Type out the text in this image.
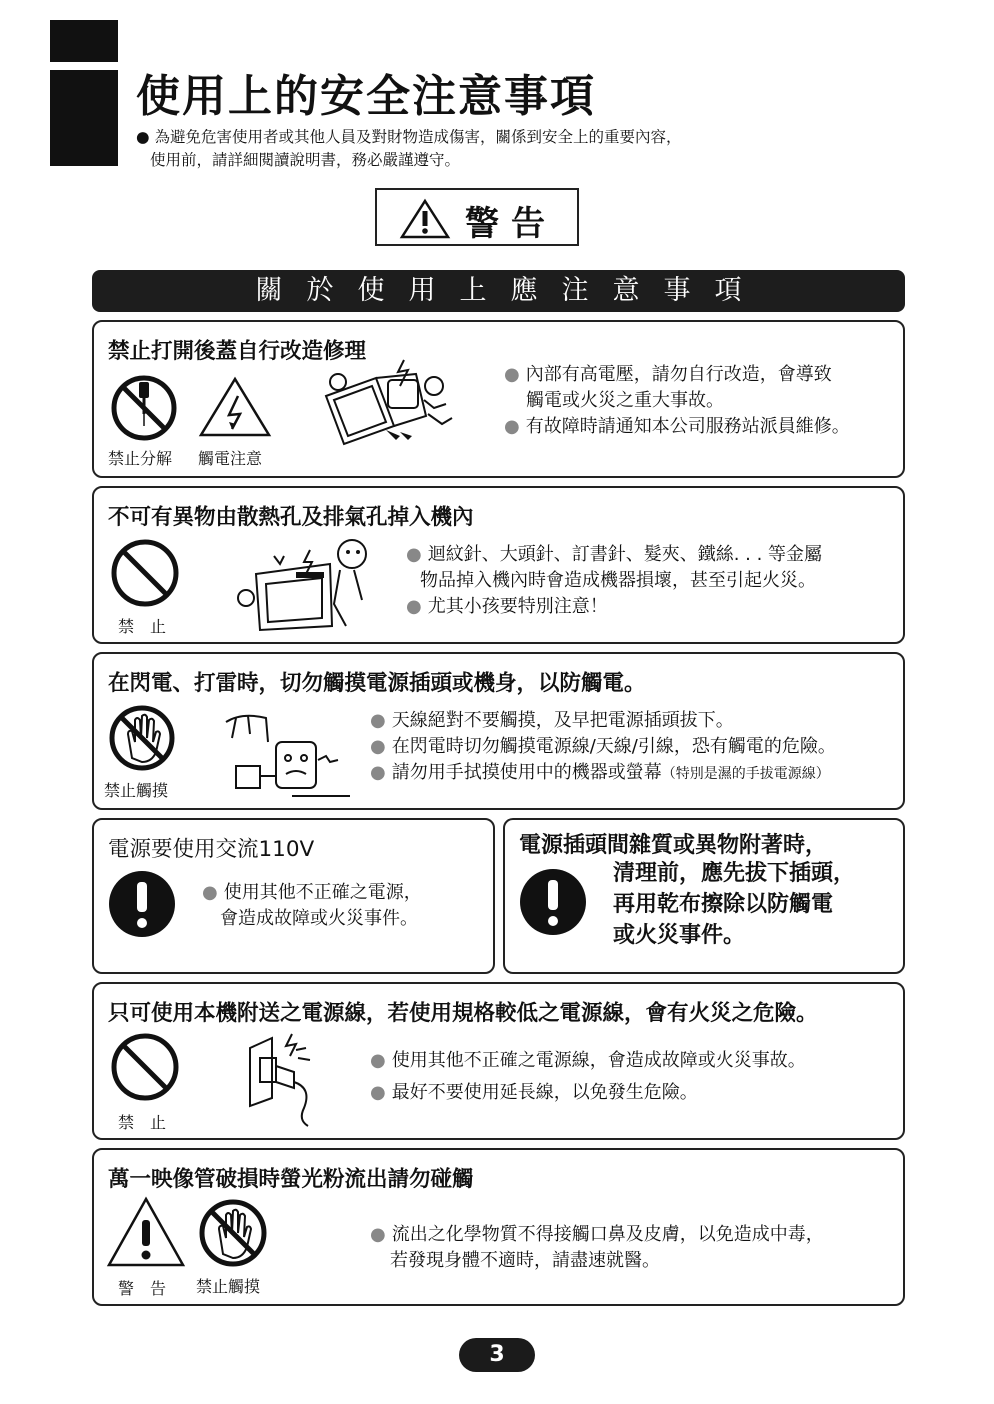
使用上的安全注意事項
● 為避免危害使用者或其他人員及對財物造成傷害，關係到安全上的重要內容，
使用前，請詳細閱讀說明書，務必嚴謹遵守。
警告
關於使用上應注意事項
禁止打開後蓋自行改造修理
禁止分解 觸電注意
● 內部有高電壓，請勿自行改造，會導致
觸電或火災之重大事故。
● 有故障時請通知本公司服務站派員維修。
不可有異物由散熱孔及排氣孔掉入機內
禁　止
● 迴紋針、大頭針、訂書針、髮夾、鐵絲. . . 等金屬
物品掉入機內時會造成機器損壞，甚至引起火災。
● 尤其小孩要特別注意！
在閃電、打雷時，切勿觸摸電源插頭或機身，以防觸電。
禁止觸摸
● 天線絕對不要觸摸，及早把電源插頭拔下。
● 在閃電時切勿觸摸電源線/天線/引線，恐有觸電的危險。
● 請勿用手拭摸使用中的機器或螢幕（特別是濕的手拔電源線）
電源要使用交流110V
● 使用其他不正確之電源，
會造成故障或火災事件。
電源插頭間雜質或異物附著時，
清理前，應先拔下插頭，
再用乾布擦除以防觸電
或火災事件。
只可使用本機附送之電源線，若使用規格較低之電源線，會有火災之危險。
禁　止
● 使用其他不正確之電源線，會造成故障或火災事故。
● 最好不要使用延長線，以免發生危險。
萬一映像管破損時螢光粉流出請勿碰觸
警　告 禁止觸摸
● 流出之化學物質不得接觸口鼻及皮膚，以免造成中毒，
若發現身體不適時，請盡速就醫。
3
